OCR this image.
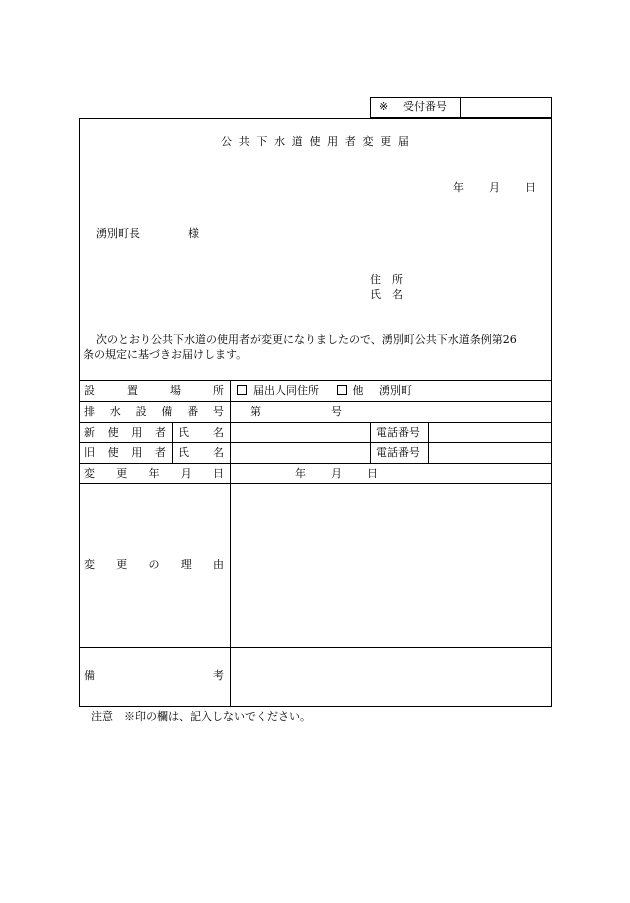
※ 受付番号
公 共 下 水 道 使 用 者 変 更 届
年 月 日
湧別町長	様
住　所
氏　名
次のとおり公共下水道の使用者が変更になりましたので、湧別町公共下水道条例第26
条の規定に基づきお届けします。
設	置	場	所	届出人同住所	他 湧別町
排 水 設 備 番 号 第	号
新 使 用 者 氏 名	電話番号
旧 使 用 者 氏 名	電話番号
変 更 年 月 日	年 月 日
変 更 の 理 由
備	考
注意　※印の欄は、記入しないでください。
